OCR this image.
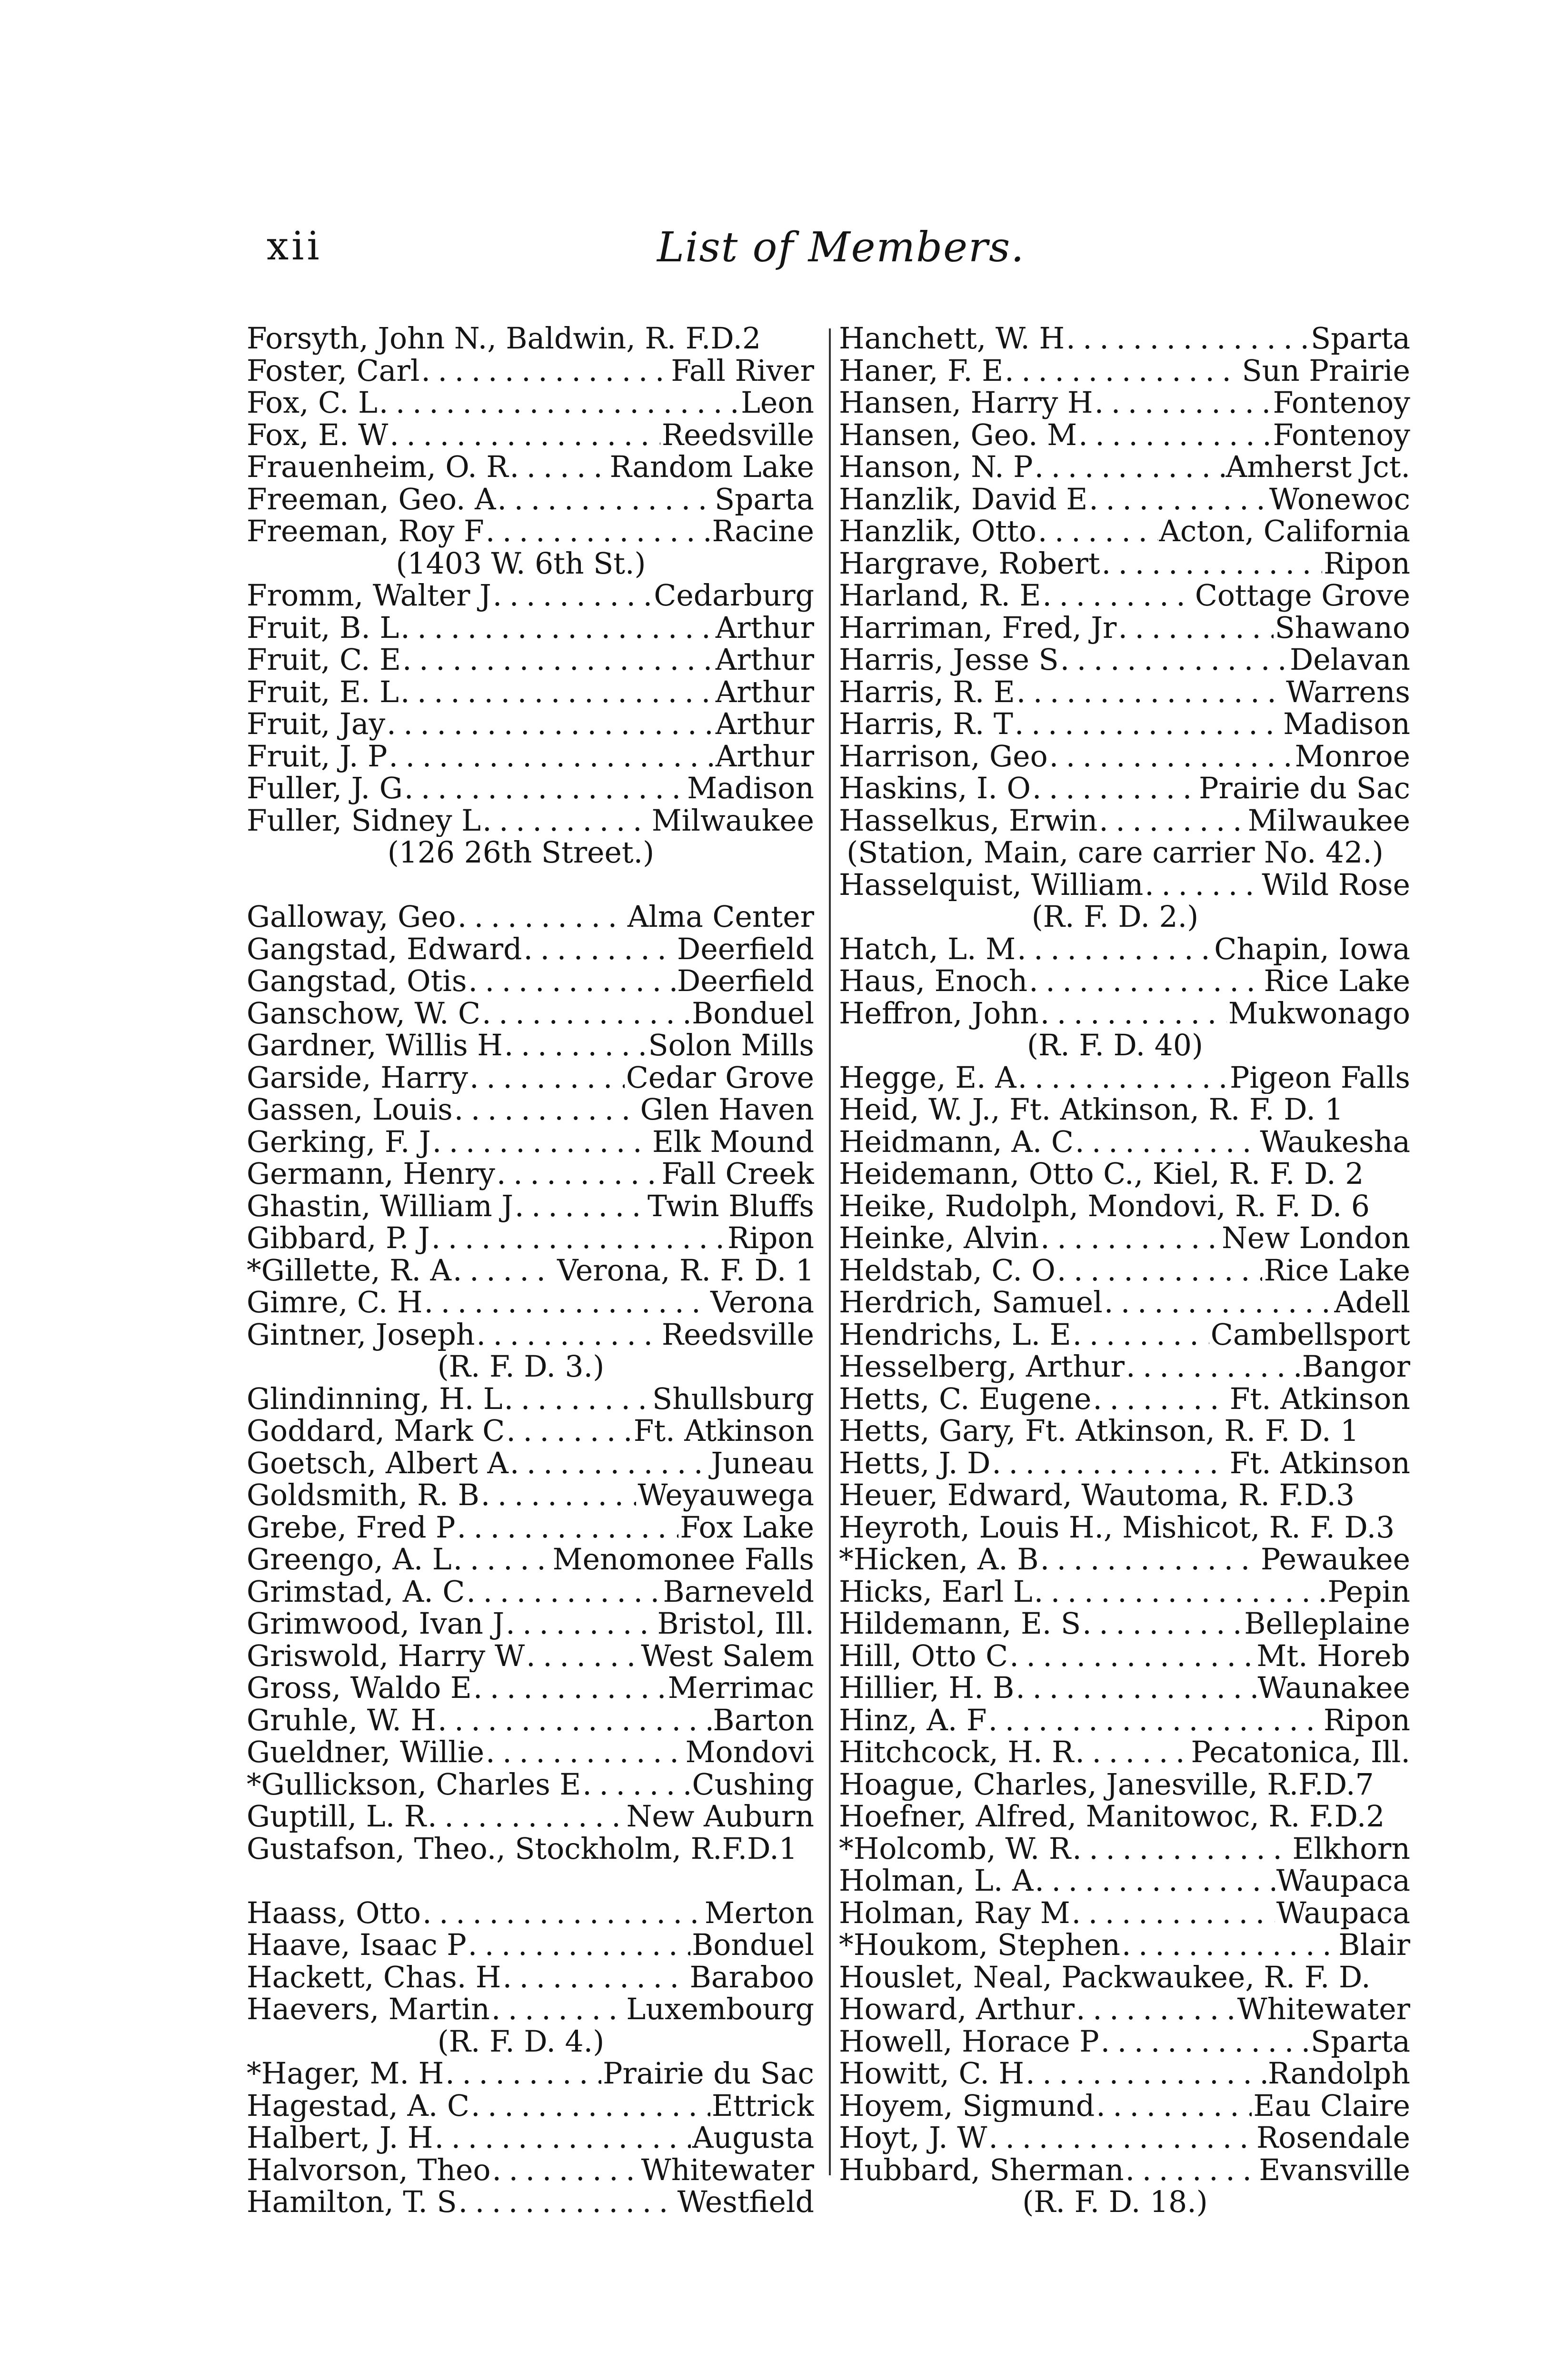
xii	List of Members.
Forsyth, John N., Baldwin, R. F.D.2
Foster, Carl . . .	Fall River
Fox, C. L . . .	Leon
Fox, E. W . . .	Reedsville
Frauenheim, O. R . . .	Random Lake
Freeman, Geo. A . . .	Sparta
Freeman, Roy F . . .	Racine
(1403 W. 6th St.)
Fromm, Walter J . . .	Cedarburg
Fruit, B. L . . .	Arthur
Fruit, C. E . . .	Arthur
Fruit, E. L . . .	Arthur
Fruit, Jay . . .	Arthur
Fruit, J. P . . .	Arthur
Fuller, J. G . . .	Madison
Fuller, Sidney L . . .	Milwaukee
(126 26th Street.)
Galloway, Geo . . .	Alma Center
Gangstad, Edward . . .	Deerfield
Gangstad, Otis . . .	Deerfield
Ganschow, W. C . . .	Bonduel
Gardner, Willis H . . .	Solon Mills
Garside, Harry . . .	Cedar Grove
Gassen, Louis . . .	Glen Haven
Gerking, F. J . . .	Elk Mound
Germann, Henry . . .	Fall Creek
Ghastin, William J . . .	Twin Bluffs
Gibbard, P. J . . .	Ripon
*Gillette, R. A . . .	Verona, R. F. D. 1
Gimre, C. H . . .	Verona
Gintner, Joseph . . .	Reedsville
(R. F. D. 3.)
Glindinning, H. L . . .	Shullsburg
Goddard, Mark C . . .	Ft. Atkinson
Goetsch, Albert A . . .	Juneau
Goldsmith, R. B . . .	Weyauwega
Grebe, Fred P . . .	Fox Lake
Greengo, A. L . . .	Menomonee Falls
Grimstad, A. C . . .	Barneveld
Grimwood, Ivan J . . .	Bristol, Ill.
Griswold, Harry W . . .	West Salem
Gross, Waldo E . . .	Merrimac
Gruhle, W. H . . .	Barton
Gueldner, Willie . . .	Mondovi
*Gullickson, Charles E . . .	Cushing
Guptill, L. R . . .	New Auburn
Gustafson, Theo., Stockholm, R.F.D.1
Haass, Otto . . .	Merton
Haave, Isaac P . . .	Bonduel
Hackett, Chas. H . . .	Baraboo
Haevers, Martin . . .	Luxembourg
(R. F. D. 4.)
*Hager, M. H . . .	Prairie du Sac
Hagestad, A. C . . .	Ettrick
Halbert, J. H . . .	Augusta
Halvorson, Theo . . .	Whitewater
Hamilton, T. S . . .	Westfield
Hanchett, W. H . . .	Sparta
Haner, F. E . . .	Sun Prairie
Hansen, Harry H . . .	Fontenoy
Hansen, Geo. M . . .	Fontenoy
Hanson, N. P . . .	Amherst Jct.
Hanzlik, David E . . .	Wonewoc
Hanzlik, Otto . . .	Acton, California
Hargrave, Robert . . .	Ripon
Harland, R. E . . .	Cottage Grove
Harriman, Fred, Jr . . .	Shawano
Harris, Jesse S . . .	Delavan
Harris, R. E . . .	Warrens
Harris, R. T . . .	Madison
Harrison, Geo . . .	Monroe
Haskins, I. O . . .	Prairie du Sac
Hasselkus, Erwin . . .	Milwaukee
(Station, Main, care carrier No. 42.)
Hasselquist, William . . .	Wild Rose
(R. F. D. 2.)
Hatch, L. M . . .	Chapin, Iowa
Haus, Enoch . . .	Rice Lake
Heffron, John . . .	Mukwonago
(R. F. D. 40)
Hegge, E. A . . .	Pigeon Falls
Heid, W. J., Ft. Atkinson, R. F. D. 1
Heidmann, A. C . . .	Waukesha
Heidemann, Otto C., Kiel, R. F. D. 2
Heike, Rudolph, Mondovi, R. F. D. 6
Heinke, Alvin . . .	New London
Heldstab, C. O . . .	Rice Lake
Herdrich, Samuel . . .	Adell
Hendrichs, L. E . . .	Cambellsport
Hesselberg, Arthur . . .	Bangor
Hetts, C. Eugene . . .	Ft. Atkinson
Hetts, Gary, Ft. Atkinson, R. F. D. 1
Hetts, J. D . . .	Ft. Atkinson
Heuer, Edward, Wautoma, R. F.D.3
Heyroth, Louis H., Mishicot, R. F. D.3
*Hicken, A. B . . .	Pewaukee
Hicks, Earl L . . .	Pepin
Hildemann, E. S . . .	Belleplaine
Hill, Otto C . . .	Mt. Horeb
Hillier, H. B . . .	Waunakee
Hinz, A. F . . .	Ripon
Hitchcock, H. R . . .	Pecatonica, Ill.
Hoague, Charles, Janesville, R.F.D.7
Hoefner, Alfred, Manitowoc, R. F.D.2
*Holcomb, W. R . . .	Elkhorn
Holman, L. A . . .	Waupaca
Holman, Ray M . . .	Waupaca
*Houkom, Stephen . . .	Blair
Houslet, Neal, Packwaukee, R. F. D.
Howard, Arthur . . .	Whitewater
Howell, Horace P . . .	Sparta
Howitt, C. H . . .	Randolph
Hoyem, Sigmund . . .	Eau Claire
Hoyt, J. W . . .	Rosendale
Hubbard, Sherman . . .	Evansville
(R. F. D. 18.)
